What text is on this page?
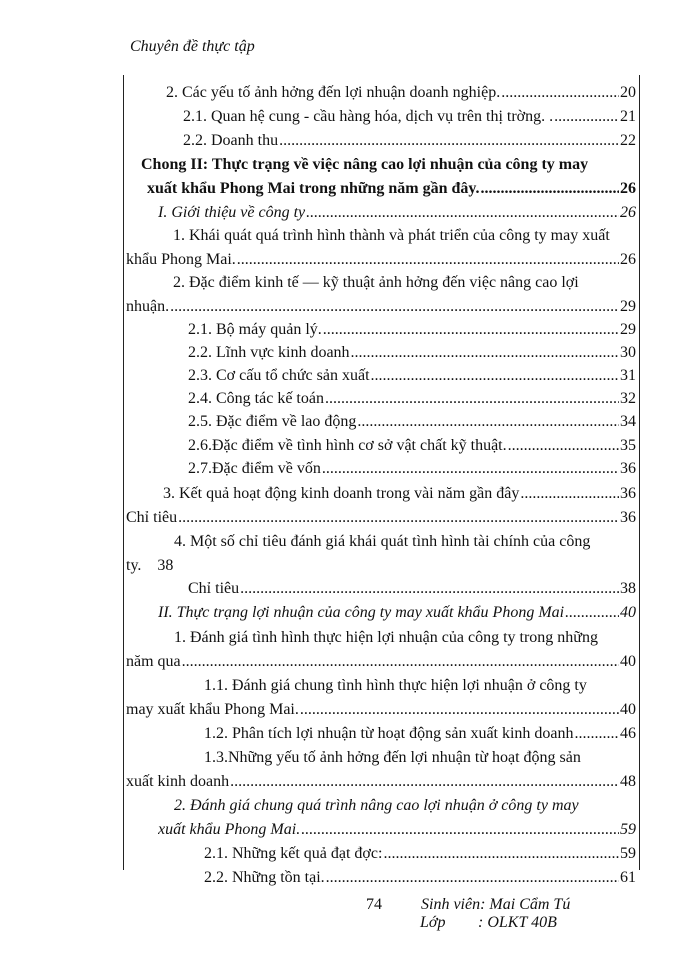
Chuyên đề thực tập
2. Các yếu tố ảnh hởng đến lợi nhuận doanh nghiệp. .....	20
2.1. Quan hệ cung - cầu hàng hóa, dịch vụ trên thị trờng. . .....	21
2.2. Doanh thu .....	22
Chong II: Thực trạng về việc nâng cao lợi nhuận của công ty may
xuất khẩu Phong Mai trong những năm gần đây. .....	26
I. Giới thiệu về công ty .....	26
1. Khái quát quá trình hình thành và phát triển của công ty may xuất
khẩu Phong Mai. .....	26
2. Đặc điểm kinh tế — kỹ thuật ảnh hởng đến việc nâng cao lợi
nhuận. .....	29
2.1. Bộ máy quản lý. .....	29
2.2. Lĩnh vực kinh doanh .....	30
2.3. Cơ cấu tổ chức sản xuất .....	31
2.4. Công tác kế toán .....	32
2.5. Đặc điểm về lao động .....	34
2.6.Đặc điểm về tình hình cơ sở vật chất kỹ thuật. .....	35
2.7.Đặc điểm về vốn .....	36
3. Kết quả hoạt động kinh doanh trong vài năm gần đây .....	36
Chỉ tiêu .....	36
4. Một số chỉ tiêu đánh giá khái quát tình hình tài chính của công
ty.    38
Chỉ tiêu .....	38
II. Thực trạng lợi nhuận của công ty may xuất khẩu Phong Mai .....	40
1. Đánh giá tình hình thực hiện lợi nhuận của công ty trong những
năm qua .....	40
1.1. Đánh giá chung tình hình thực hiện lợi nhuận ở công ty
may xuất khẩu Phong Mai. .....	40
1.2. Phân tích lợi nhuận từ hoạt động sản xuất kinh doanh .....	46
1.3.Những yếu tố ảnh hởng đến lợi nhuận từ hoạt động sản
xuất kinh doanh .....	48
2. Đánh giá chung quá trình nâng cao lợi nhuận ở công ty may
xuất khẩu Phong Mai. .....	59
2.1. Những kết quả đạt đợc: .....	59
2.2. Những tồn tại. .....	61
74 Sinh viên: Mai Cẩm Tú
Lớp : OLKT 40B
